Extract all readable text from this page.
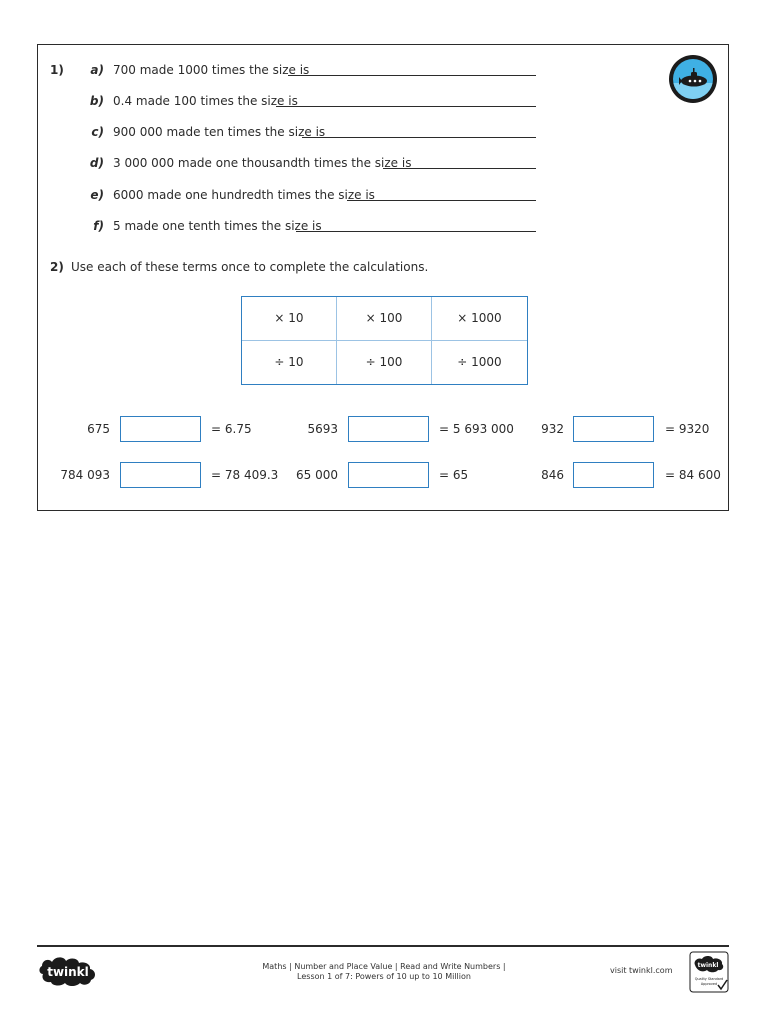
1)	a) 700 made 1000 times the size is
b) 0.4 made 100 times the size is
c) 900 000 made ten times the size is
d) 3 000 000 made one thousandth times the size is
e) 6000 made one hundredth times the size is
f) 5 made one tenth times the size is
2) Use each of these terms once to complete the calculations.
× 10	× 100	× 1000
÷ 10	÷ 100	÷ 1000
675	= 6.75	5693	= 5 693 000	932	= 9320
784 093	= 78 409.3	65 000	= 65	846	= 84 600
twinkl	Maths | Number and Place Value | Read and Write Numbers |
Lesson 1 of 7: Powers of 10 up to 10 Million
visit twinkl.com
twinkl
Quality Standard
Approved
